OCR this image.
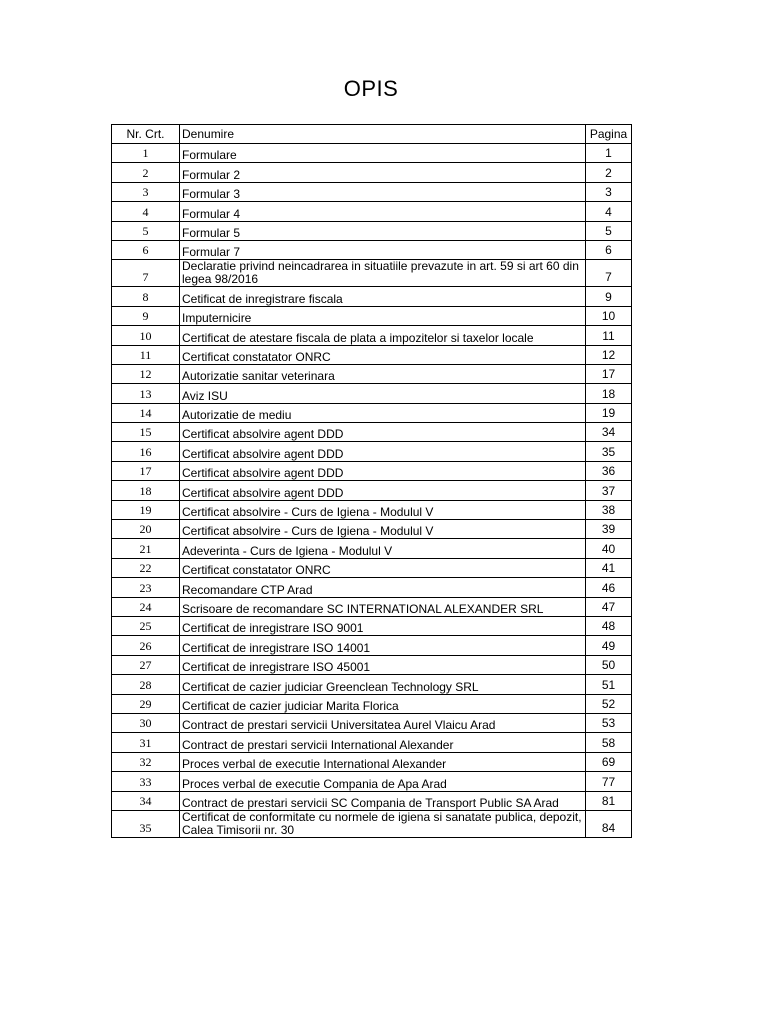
OPIS
Nr. Crt.	Denumire	Pagina
1	Formulare	1
2	Formular 2	2
3	Formular 3	3
4	Formular 4	4
5	Formular 5	5
6	Formular 7	6
7	Declaratie privind neincadrarea in situatiile prevazute in art. 59 si art 60 din legea 98/2016	7
8	Cetificat de inregistrare fiscala	9
9	Imputernicire	10
10	Certificat de atestare fiscala de plata a impozitelor si taxelor locale	11
11	Certificat constatator ONRC	12
12	Autorizatie sanitar veterinara	17
13	Aviz ISU	18
14	Autorizatie de mediu	19
15	Certificat absolvire agent DDD	34
16	Certificat absolvire agent DDD	35
17	Certificat absolvire agent DDD	36
18	Certificat absolvire agent DDD	37
19	Certificat absolvire - Curs de Igiena - Modulul V	38
20	Certificat absolvire - Curs de Igiena - Modulul V	39
21	Adeverinta - Curs de Igiena - Modulul V	40
22	Certificat constatator ONRC	41
23	Recomandare CTP Arad	46
24	Scrisoare de recomandare SC INTERNATIONAL ALEXANDER SRL	47
25	Certificat de inregistrare ISO 9001	48
26	Certificat de inregistrare ISO 14001	49
27	Certificat de inregistrare ISO 45001	50
28	Certificat de cazier judiciar Greenclean Technology SRL	51
29	Certificat de cazier judiciar Marita Florica	52
30	Contract de prestari servicii Universitatea Aurel Vlaicu Arad	53
31	Contract de prestari servicii International Alexander	58
32	Proces verbal de executie International Alexander	69
33	Proces verbal de executie Compania de Apa Arad	77
34	Contract de prestari servicii SC Compania de Transport Public SA Arad	81
35	Certificat de conformitate cu normele de igiena si sanatate publica, depozit, Calea Timisorii nr. 30	84
